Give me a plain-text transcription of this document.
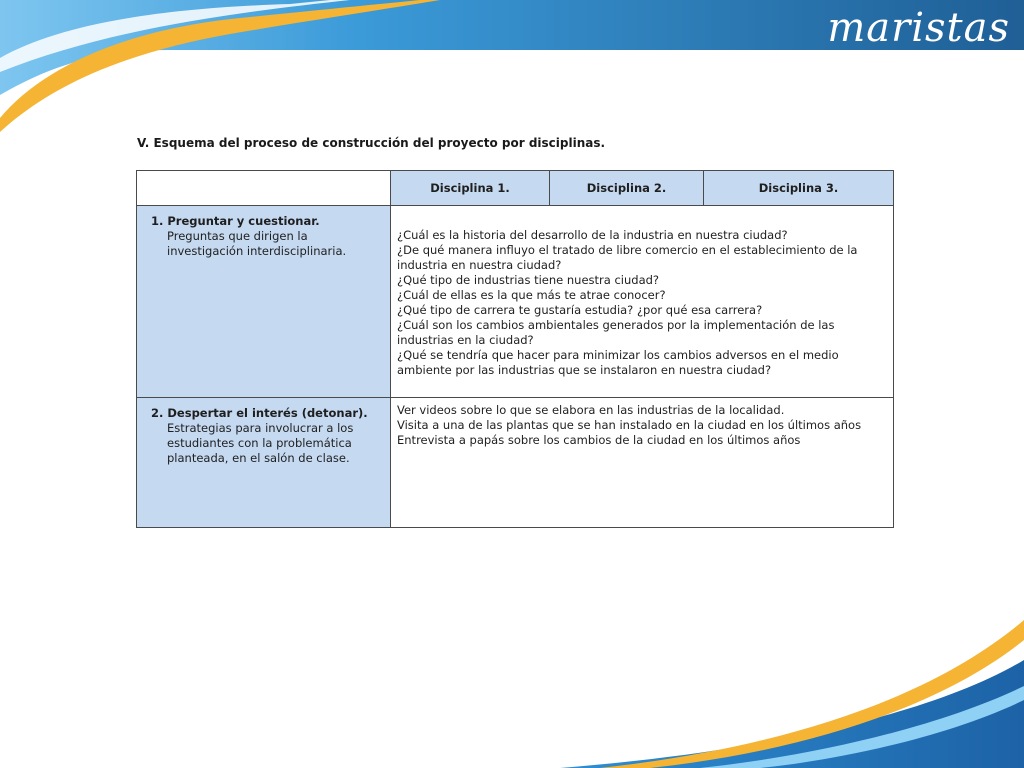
maristas
V. Esquema del proceso de construcción del proyecto por disciplinas.
Disciplina 1.	Disciplina 2.	Disciplina 3.
1. Preguntar y cuestionar.
Preguntas que dirigen la investigación interdisciplinaria.
¿Cuál es la historia del desarrollo de la industria en nuestra ciudad?
¿De qué manera influyo el tratado de libre comercio en el establecimiento de la industria en nuestra ciudad?
¿Qué tipo de industrias tiene nuestra ciudad?
¿Cuál de ellas es la que más te atrae conocer?
¿Qué tipo de carrera te gustaría estudia? ¿por qué esa carrera?
¿Cuál son los cambios ambientales generados por la implementación de las industrias en la ciudad?
¿Qué se tendría que hacer para minimizar los cambios adversos en el medio ambiente por las industrias que se instalaron en nuestra ciudad?
2. Despertar el interés (detonar).
Estrategias para involucrar a los estudiantes con la problemática planteada, en el salón de clase.
Ver videos sobre lo que se elabora en las industrias de la localidad.
Visita a una de las plantas que se han instalado en la ciudad en los últimos años
Entrevista a papás sobre los cambios de la ciudad en los últimos años
